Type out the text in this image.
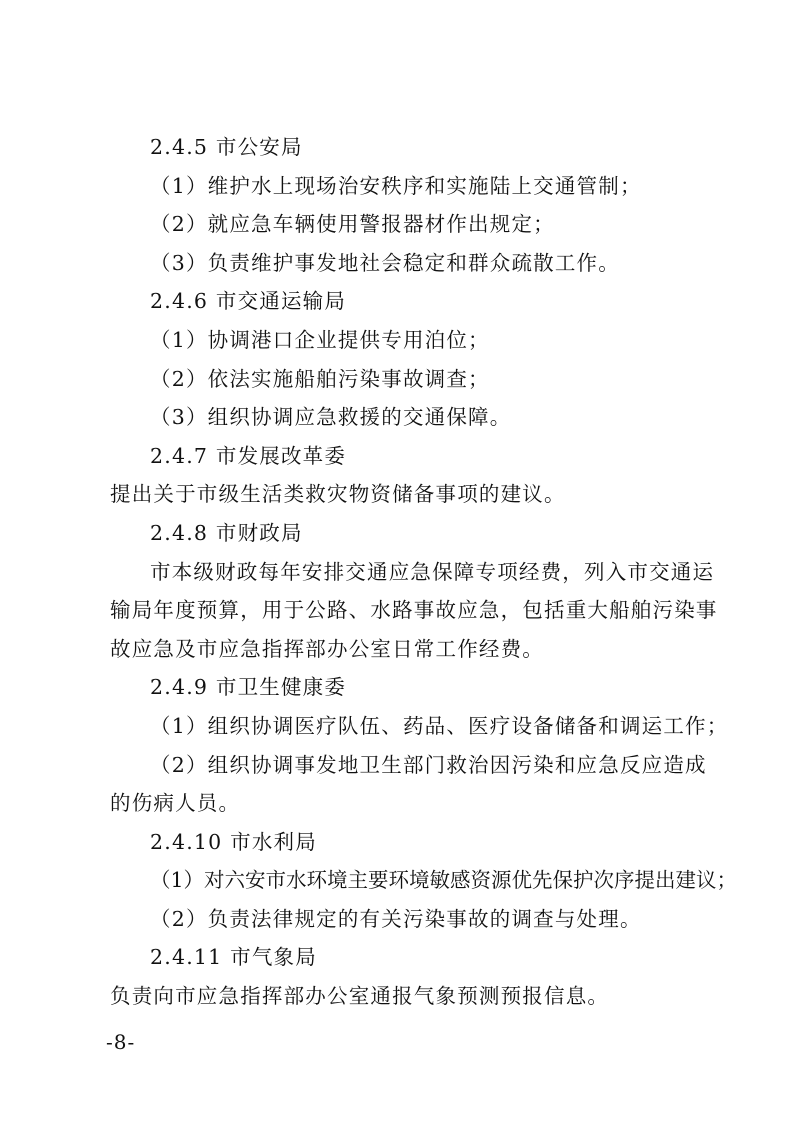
2.4.5 市公安局
（1）维护水上现场治安秩序和实施陆上交通管制；
（2）就应急车辆使用警报器材作出规定；
（3）负责维护事发地社会稳定和群众疏散工作。
2.4.6 市交通运输局
（1）协调港口企业提供专用泊位；
（2）依法实施船舶污染事故调查；
（3）组织协调应急救援的交通保障。
2.4.7 市发展改革委
提出关于市级生活类救灾物资储备事项的建议。
2.4.8 市财政局
市本级财政每年安排交通应急保障专项经费，列入市交通运
输局年度预算，用于公路、水路事故应急，包括重大船舶污染事
故应急及市应急指挥部办公室日常工作经费。
2.4.9 市卫生健康委
（1）组织协调医疗队伍、药品、医疗设备储备和调运工作；
（2）组织协调事发地卫生部门救治因污染和应急反应造成
的伤病人员。
2.4.10 市水利局
（1）对六安市水环境主要环境敏感资源优先保护次序提出建议；
（2）负责法律规定的有关污染事故的调查与处理。
2.4.11 市气象局
负责向市应急指挥部办公室通报气象预测预报信息。
-8-
